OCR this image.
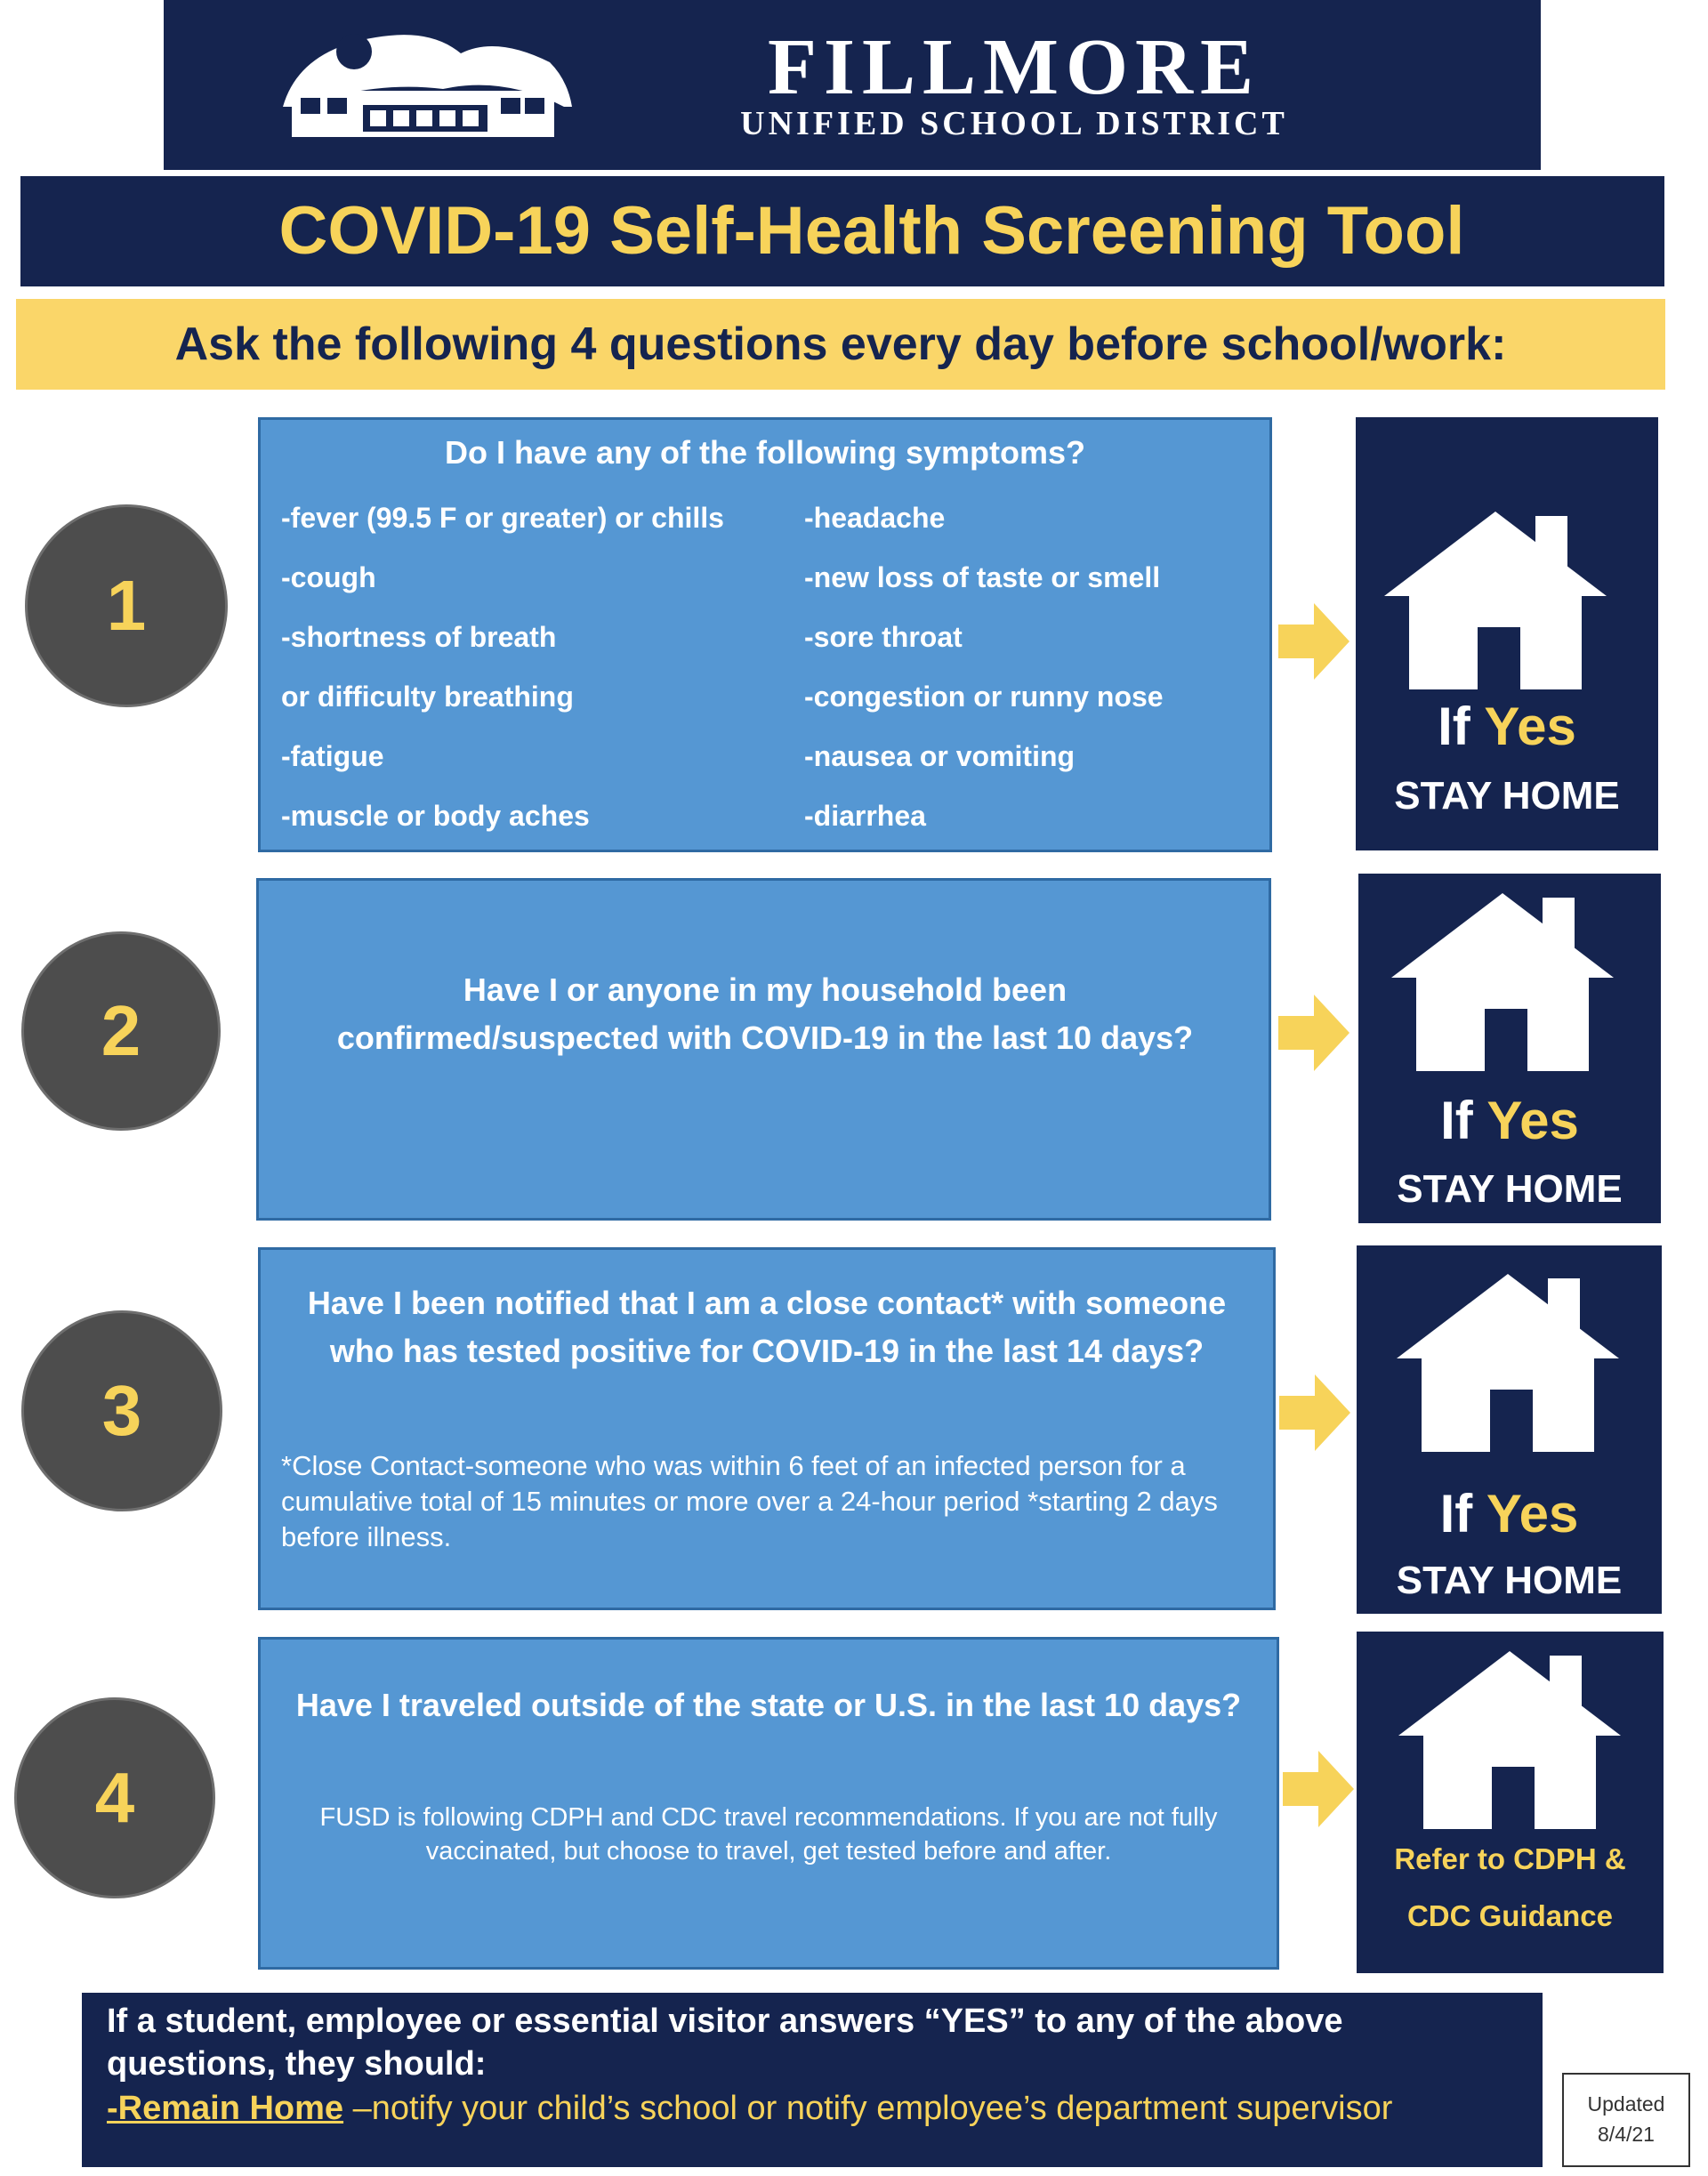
FILLMORE
UNIFIED SCHOOL DISTRICT
COVID-19 Self-Health Screening Tool
Ask the following 4 questions every day before school/work:
1
Do I have any of the following symptoms?
-fever (99.5 F or greater) or chills
-cough
-shortness of breath
or difficulty breathing
-fatigue
-muscle or body aches
-headache
-new loss of taste or smell
-sore throat
-congestion or runny nose
-nausea or vomiting
-diarrhea
If Yes
STAY HOME
2
Have I or anyone in my household been confirmed/suspected with COVID-19 in the last 10 days?
If Yes
STAY HOME
3
Have I been notified that I am a close contact* with someone who has tested positive for COVID-19 in the last 14 days?
*Close Contact-someone who was within 6 feet of an infected person for a cumulative total of 15 minutes or more over a 24-hour period *starting 2 days before illness.	If Yes
STAY HOME
4
Have I traveled outside of the state or U.S. in the last 10 days?
FUSD is following CDPH and CDC travel recommendations. If you are not fully vaccinated, but choose to travel, get tested before and after.	Refer to CDPH &
CDC Guidance
If a student, employee or essential visitor answers “YES” to any of the above questions, they should:
-Remain Home –notify your child’s school or notify employee’s department supervisor	Updated
8/4/21
